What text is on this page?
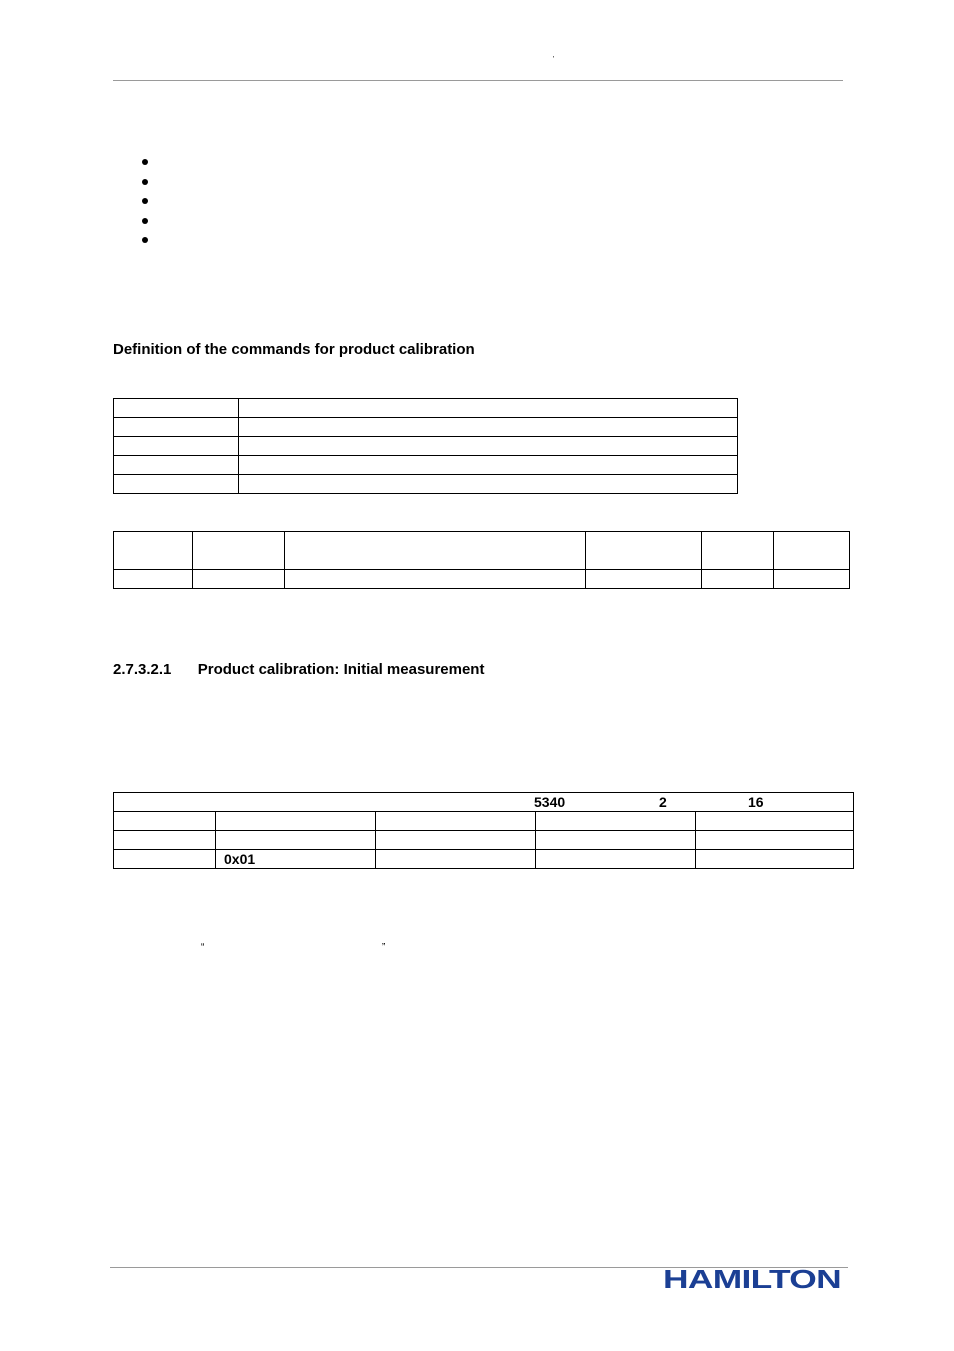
'
Definition of the commands for product calibration

2.7.3.2.1 Product calibration: Initial measurement
5340 2 16				

	0x01			
“	”
HAMILTON
